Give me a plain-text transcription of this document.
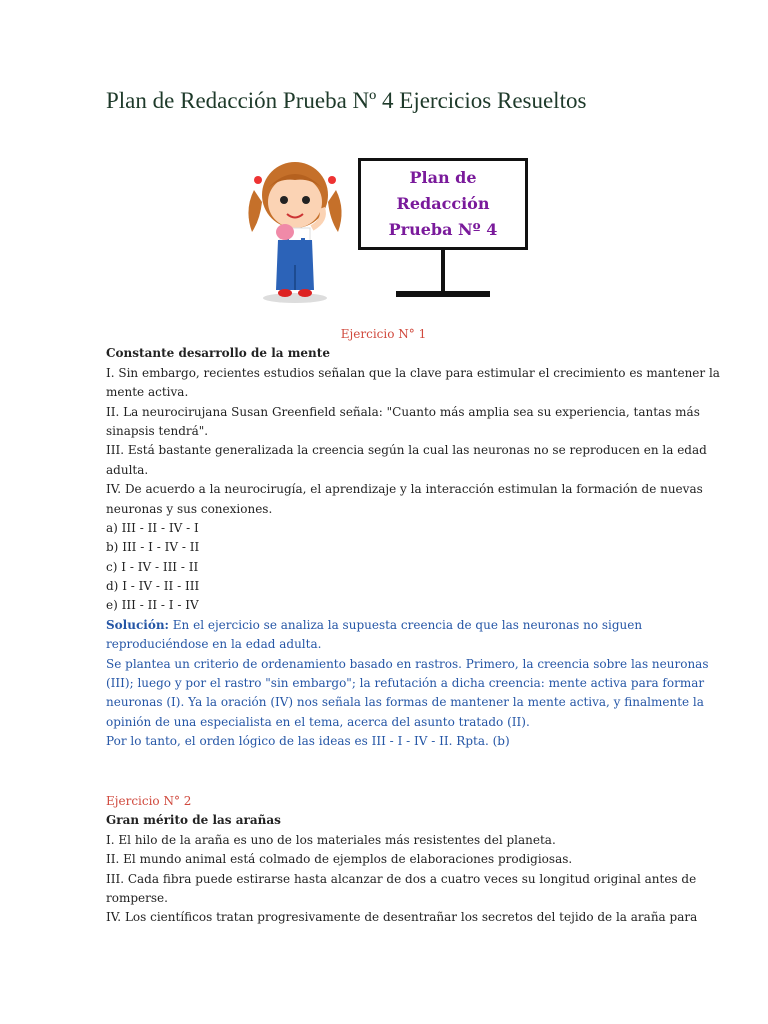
Plan de Redacción Prueba Nº 4 Ejercicios Resueltos
Plan de
Redacción
Prueba Nº 4
Ejercicio N° 1
Constante desarrollo de la mente
I. Sin embargo, recientes estudios señalan que la clave para estimular el crecimiento es mantener la
mente activa.
II. La neurocirujana Susan Greenfield señala: "Cuanto más amplia sea su experiencia, tantas más
sinapsis tendrá".
III. Está bastante generalizada la creencia según la cual las neuronas no se reproducen en la edad
adulta.
IV. De acuerdo a la neurocirugía, el aprendizaje y la interacción estimulan la formación de nuevas
neuronas y sus conexiones.
a) III - II - IV - I
b) III - I - IV - II
c) I - IV - III - II
d) I - IV - II - III
e) III - II - I - IV
Solución: En el ejercicio se analiza la supuesta creencia de que las neuronas no siguen
reproduciéndose en la edad adulta.
Se plantea un criterio de ordenamiento basado en rastros. Primero, la creencia sobre las neuronas
(III); luego y por el rastro "sin embargo"; la refutación a dicha creencia: mente activa para formar
neuronas (I). Ya la oración (IV) nos señala las formas de mantener la mente activa, y finalmente la
opinión de una especialista en el tema, acerca del asunto tratado (II).
Por lo tanto, el orden lógico de las ideas es III - I - IV - II. Rpta. (b)
Ejercicio N° 2
Gran mérito de las arañas
I. El hilo de la araña es uno de los materiales más resistentes del planeta.
II. El mundo animal está colmado de ejemplos de elaboraciones prodigiosas.
III. Cada fibra puede estirarse hasta alcanzar de dos a cuatro veces su longitud original antes de
romperse.
IV. Los científicos tratan progresivamente de desentrañar los secretos del tejido de la araña para
